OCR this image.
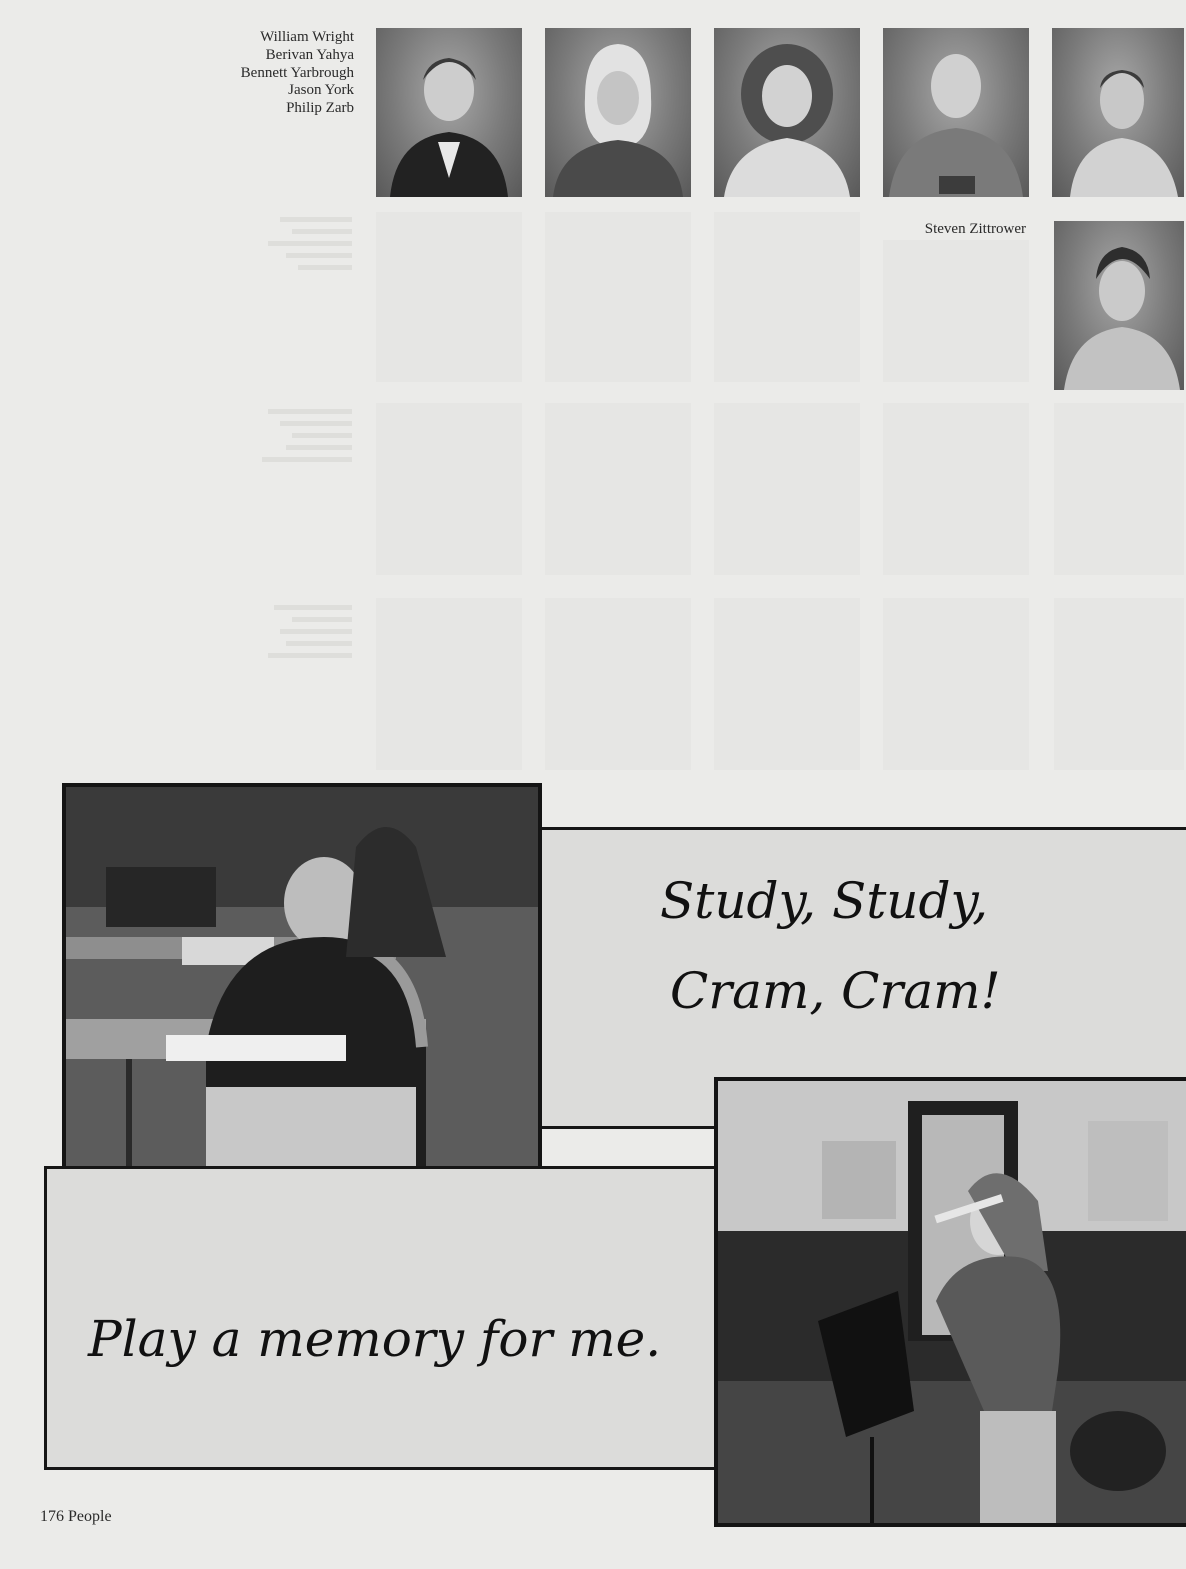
William Wright
Berivan Yahya
Bennett Yarbrough
Jason York
Philip Zarb
Steven Zittrower
Study, Study,
Cram, Cram!
Play a memory for me.
176 People
